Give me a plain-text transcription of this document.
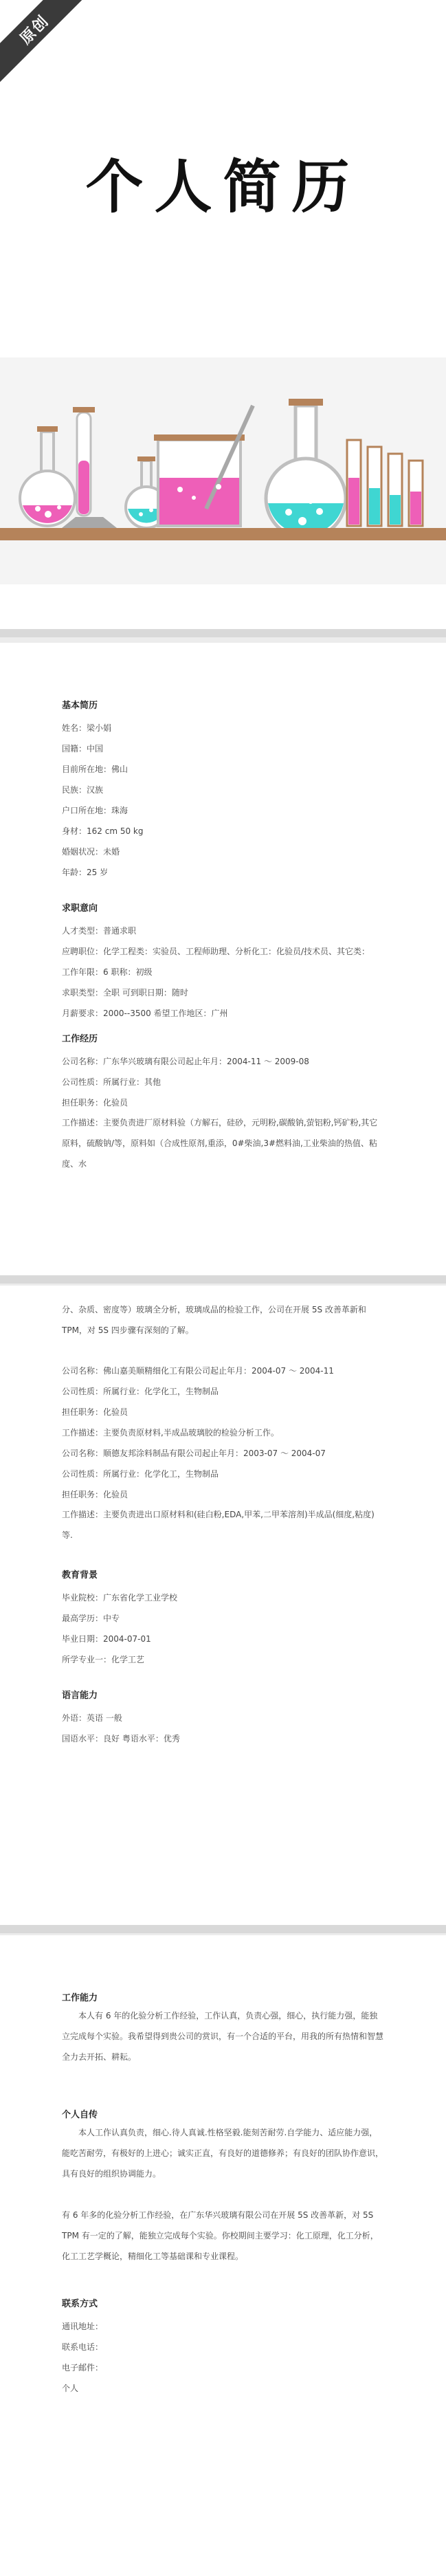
原创
个人简历
基本简历
姓名：梁小娟
国籍：中国
目前所在地：佛山
民族：汉族
户口所在地：珠海
身材：162 cm 50 kg
婚姻状况：未婚
年龄：25 岁
求职意向
人才类型：普通求职
应聘职位：化学工程类：实验员、工程师助理、分析化工：化验员/技术员、其它类：
工作年限：6 职称：初级
求职类型：全职 可到职日期：随时
月薪要求：2000--3500 希望工作地区：广州
工作经历
公司名称：广东华兴玻璃有限公司起止年月：2004-11 ～ 2009-08
公司性质：所属行业：其他
担任职务：化验员
工作描述：主要负责进厂原材料验（方解石，硅砂，元明粉,碳酸钠,萤铝粉,钙矿粉,其它原料，硫酸钠/等，原料如（合成性原剂,重添，0#柴油,3#燃料油,工业柴油的热值、粘度、水
分、杂质、密度等）玻璃全分析，玻璃成品的检验工作，公司在开展 5S 改善革新和 TPM，对 5S 四步骤有深刻的了解。
公司名称：佛山嘉美顺精细化工有限公司起止年月：2004-07 ～ 2004-11
公司性质：所属行业：化学化工，生物制品
担任职务：化验员
工作描述：主要负责原材料,半成品玻璃胶的检验分析工作。
公司名称：顺德友邦涂料制品有限公司起止年月：2003-07 ～ 2004-07
公司性质：所属行业：化学化工，生物制品
担任职务：化验员
工作描述：主要负责进出口原材料和(硅白粉,EDA,甲苯,二甲苯溶剂)半成品(细度,粘度)等.
教育背景
毕业院校：广东省化学工业学校
最高学历：中专
毕业日期：2004-07-01
所学专业一：化学工艺
语言能力
外语：英语 一般
国语水平：良好 粤语水平：优秀
工作能力
本人有 6 年的化验分析工作经验，工作认真，负责心强，细心，执行能力强，能独立完成每个实验。我希望得到贵公司的赏识，有一个合适的平台，用我的所有热情和智慧全力去开拓、耕耘。
个人自传
本人工作认真负责，细心.待人真诚.性格坚毅.能刻苦耐劳.自学能力、适应能力强，能吃苦耐劳，有极好的上进心；诚实正直，有良好的道德修养；有良好的团队协作意识，具有良好的组织协调能力。
有 6 年多的化验分析工作经验，在广东华兴玻璃有限公司在开展 5S 改善革新，对 5S TPM 有一定的了解，能独立完成每个实验。你校期间主要学习：化工原理，化工分析，化工工艺学概论，精细化工等基础课和专业课程。
联系方式
通讯地址：
联系电话：
电子邮件：
个人
